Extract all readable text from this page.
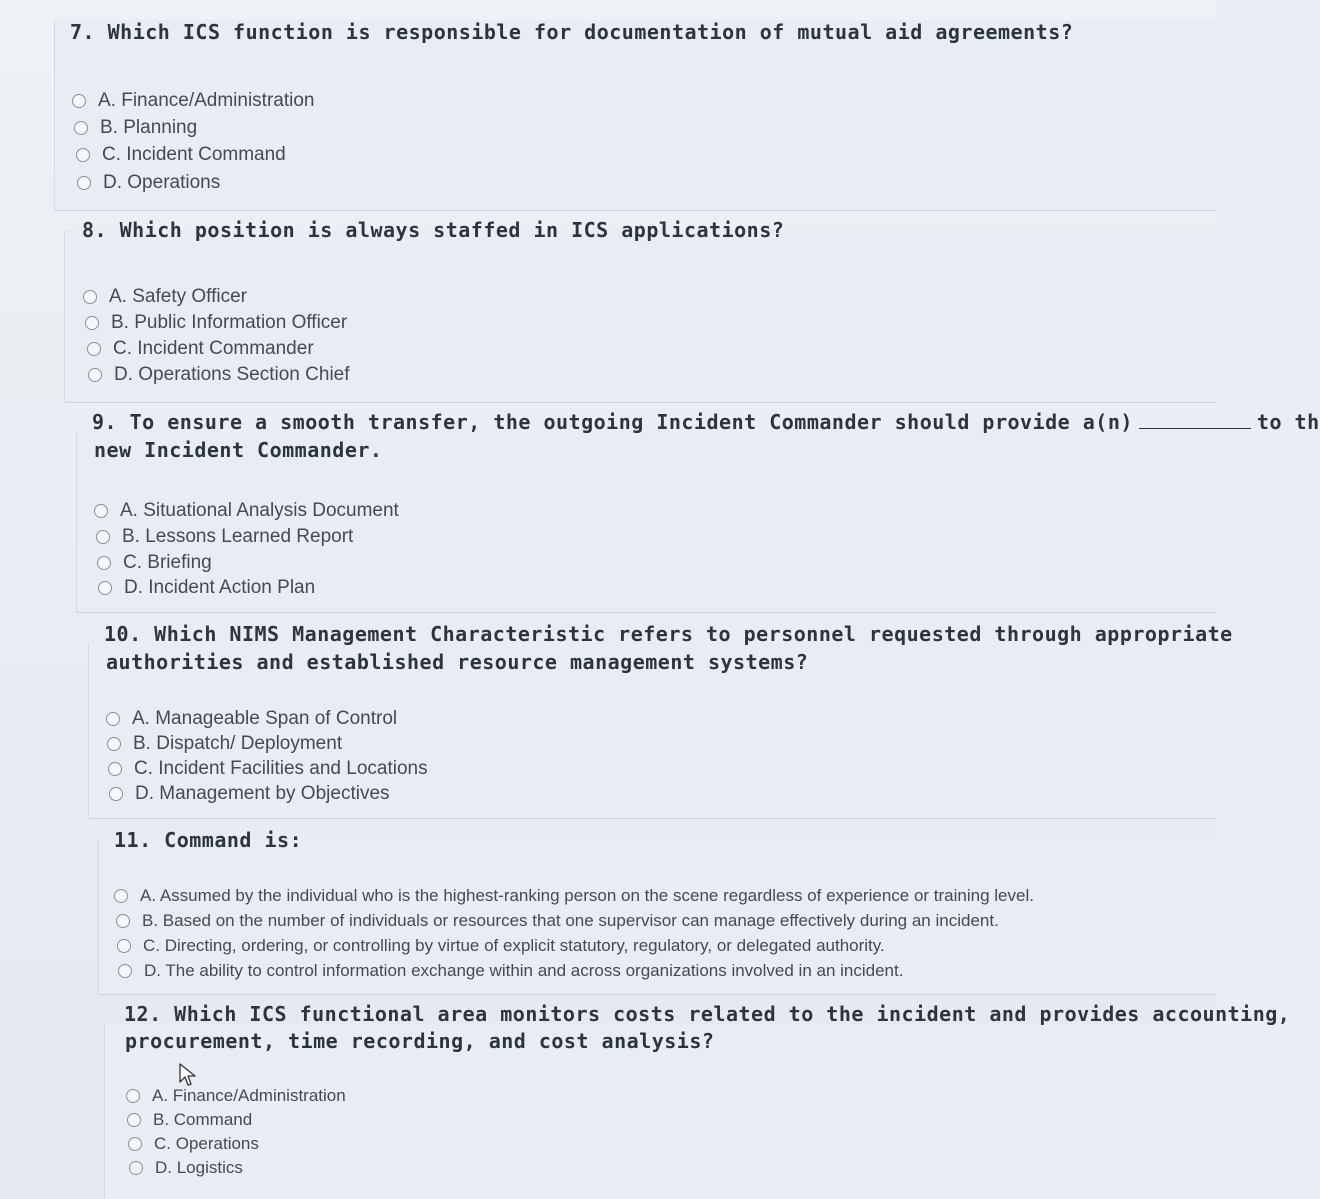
7. Which ICS function is responsible for documentation of mutual aid agreements?
A. Finance/Administration
B. Planning
C. Incident Command
D. Operations
8. Which position is always staffed in ICS applications?
A. Safety Officer
B. Public Information Officer
C. Incident Commander
D. Operations Section Chief
9. To ensure a smooth transfer, the outgoing Incident Commander should provide a(n)	to th
new Incident Commander.
A. Situational Analysis Document
B. Lessons Learned Report
C. Briefing
D. Incident Action Plan
10. Which NIMS Management Characteristic refers to personnel requested through appropriate
authorities and established resource management systems?
A. Manageable Span of Control
B. Dispatch/ Deployment
C. Incident Facilities and Locations
D. Management by Objectives
11. Command is:
A. Assumed by the individual who is the highest-ranking person on the scene regardless of experience or training level.
B. Based on the number of individuals or resources that one supervisor can manage effectively during an incident.
C. Directing, ordering, or controlling by virtue of explicit statutory, regulatory, or delegated authority.
D. The ability to control information exchange within and across organizations involved in an incident.
12. Which ICS functional area monitors costs related to the incident and provides accounting,
procurement, time recording, and cost analysis?
A. Finance/Administration
B. Command
C. Operations
D. Logistics
